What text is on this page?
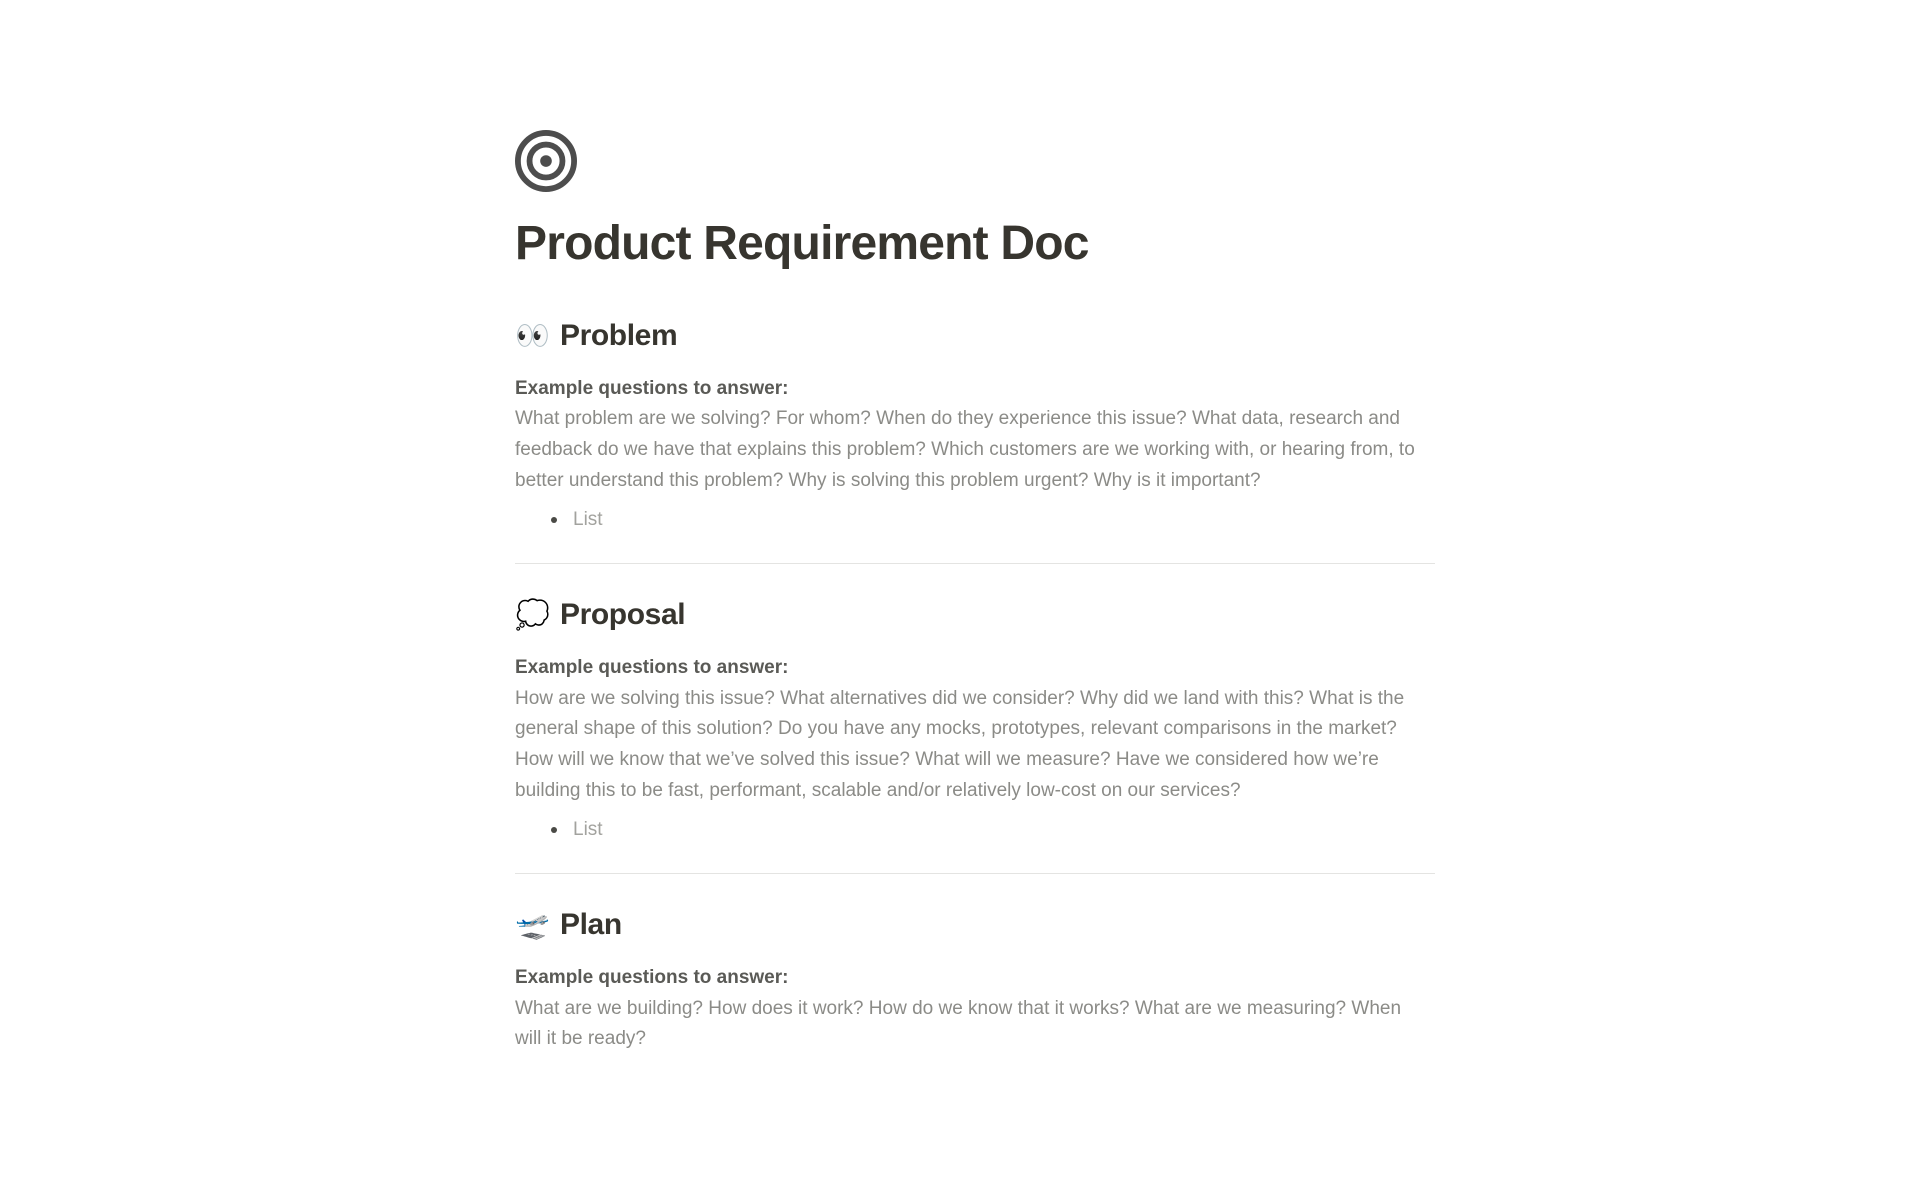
Product Requirement Doc
👀 Problem

Example questions to answer:

What problem are we solving? For whom? When do they experience this issue? What data, research and feedback do we have that explains this problem? Which customers are we working with, or hearing from, to better understand this problem? Why is solving this problem urgent? Why is it important?

List
💭 Proposal

Example questions to answer:

How are we solving this issue? What alternatives did we consider? Why did we land with this? What is the general shape of this solution? Do you have any mocks, prototypes, relevant comparisons in the market? How will we know that we’ve solved this issue? What will we measure? Have we considered how we’re building this to be fast, performant, scalable and/or relatively low-cost on our services?

List
🛫 Plan

Example questions to answer:

What are we building? How does it work? How do we know that it works? What are we measuring? When will it be ready?
